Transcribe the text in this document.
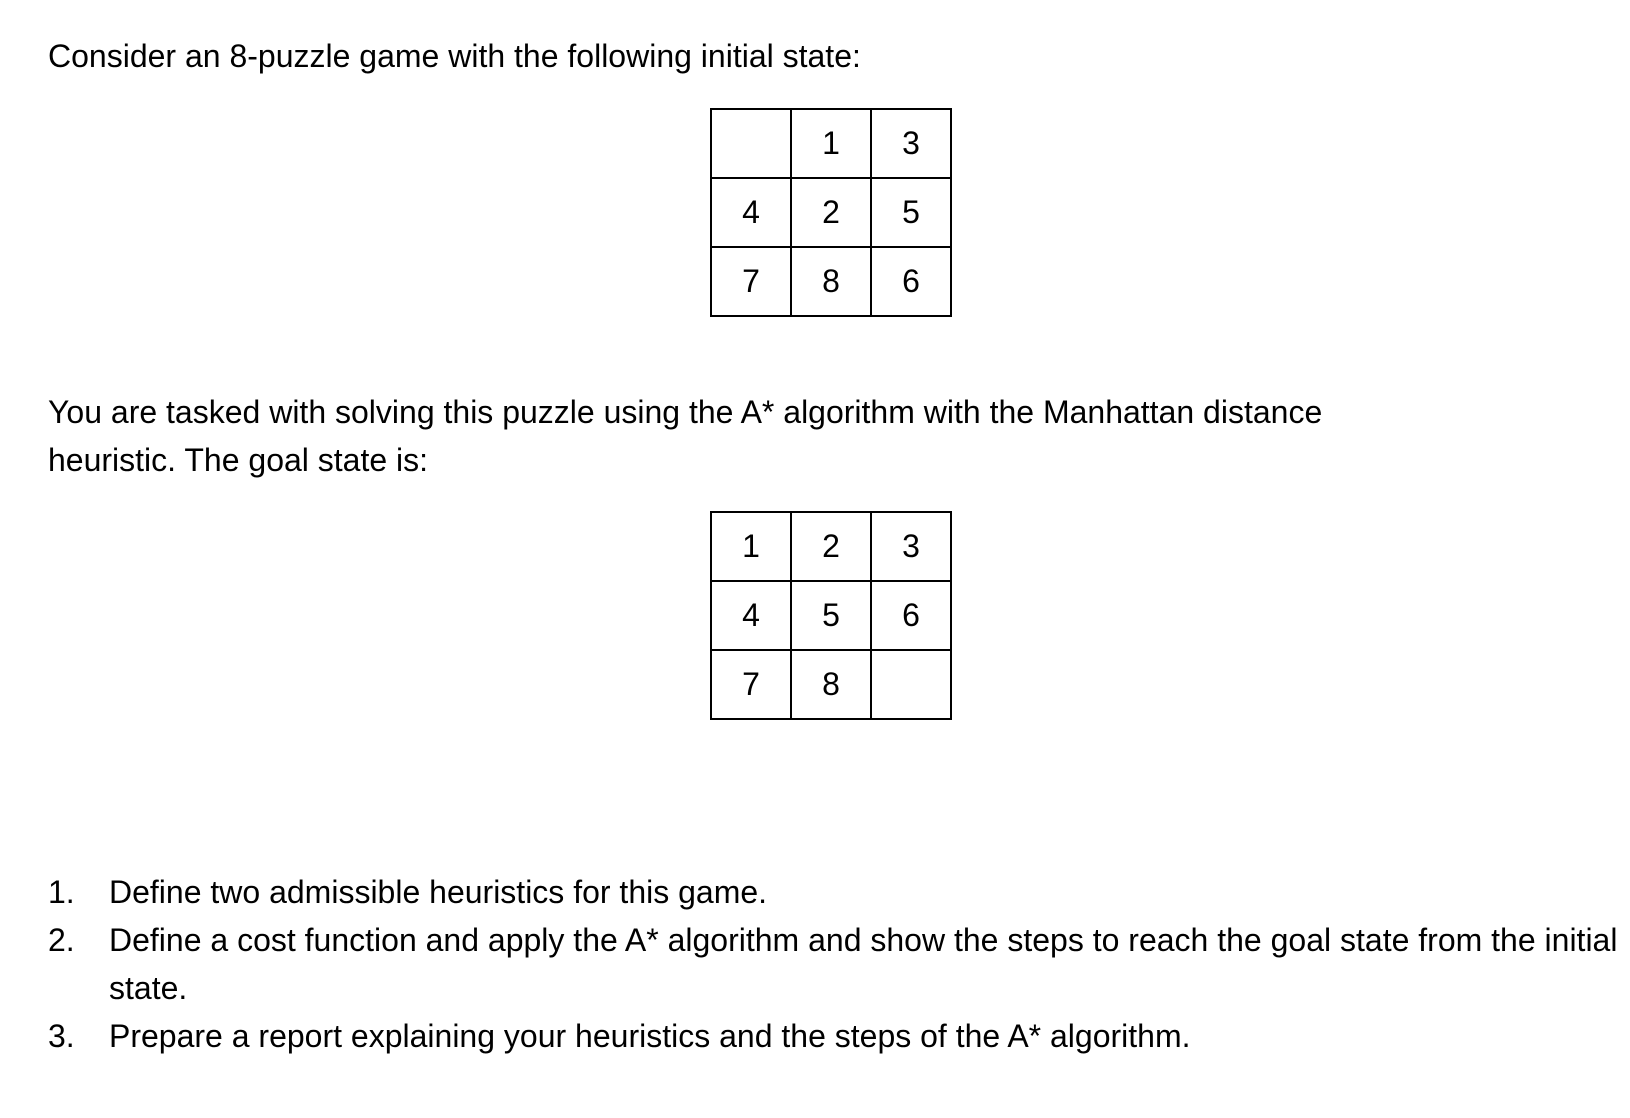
Consider an 8-puzzle game with the following initial state:

	1	3
4	2	5
7	8	6
You are tasked with solving this puzzle using the A* algorithm with the Manhattan distance
heuristic. The goal state is:
1	2	3
4	5	6
7	8	
1. Define two admissible heuristics for this game.
2. Define a cost function and apply the A* algorithm and show the steps to reach the goal state from the initial state.
3. Prepare a report explaining your heuristics and the steps of the A* algorithm.
